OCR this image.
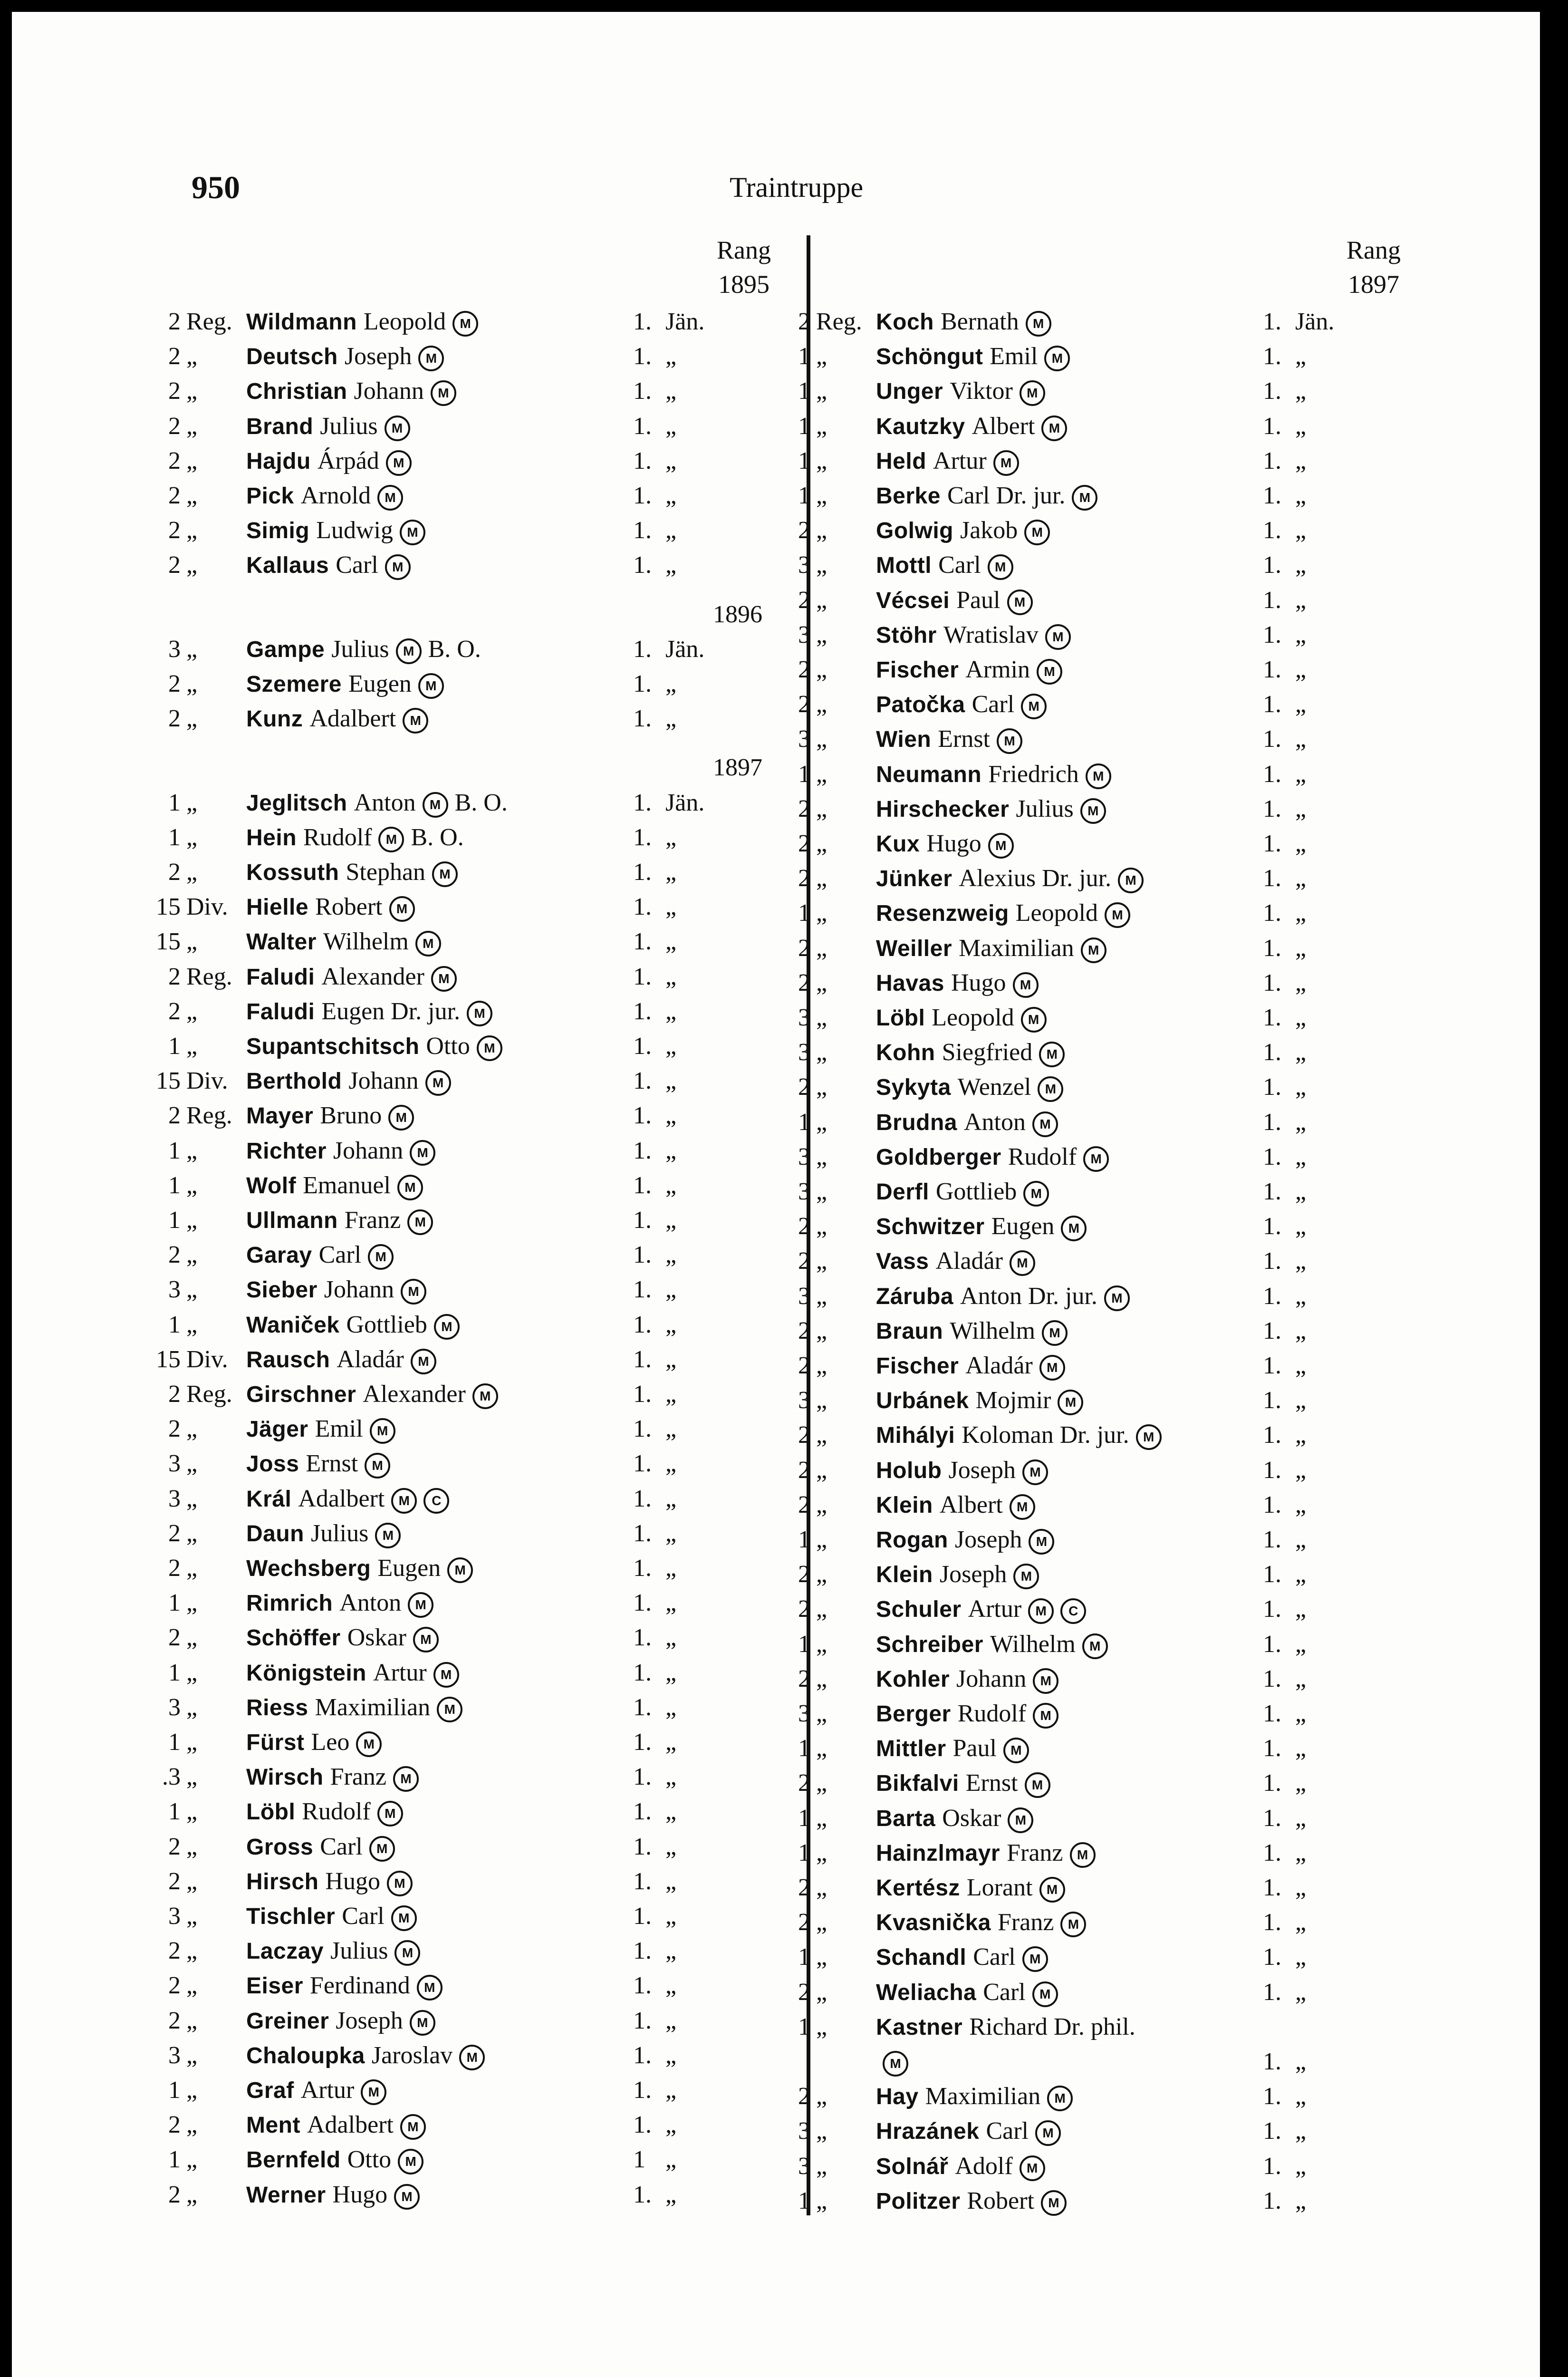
950	Traintruppe
Rang
1895
Rang
1897
2 Reg. Wildmann Leopold M	1. Jän.
2 „ Deutsch Joseph M	1. „
2 „ Christian Johann M	1. „
2 „ Brand Julius M	1. „
2 „ Hajdu Árpád M	1. „
2 „ Pick Arnold M	1. „
2 „ Simig Ludwig M	1. „
2 „ Kallaus Carl M	1. „
1896
3 „ Gampe Julius M B. O.	1. Jän.
2 „ Szemere Eugen M	1. „
2 „ Kunz Adalbert M	1. „
1897
1 „ Jeglitsch Anton M B. O.	1. Jän.
1 „ Hein Rudolf M B. O.	1. „
2 „ Kossuth Stephan M	1. „
15 Div. Hielle Robert M	1. „
15 „ Walter Wilhelm M	1. „
2 Reg. Faludi Alexander M	1. „
2 „ Faludi Eugen Dr. jur. M	1. „
1 „ Supantschitsch Otto M	1. „
15 Div. Berthold Johann M	1. „
2 Reg. Mayer Bruno M	1. „
1 „ Richter Johann M	1. „
1 „ Wolf Emanuel M	1. „
1 „ Ullmann Franz M	1. „
2 „ Garay Carl M	1. „
3 „ Sieber Johann M	1. „
1 „ Waniček Gottlieb M	1. „
15 Div. Rausch Aladár M	1. „
2 Reg. Girschner Alexander M	1. „
2 „ Jäger Emil M	1. „
3 „ Joss Ernst M	1. „
3 „ Král Adalbert M C	1. „
2 „ Daun Julius M	1. „
2 „ Wechsberg Eugen M	1. „
1 „ Rimrich Anton M	1. „
2 „ Schöffer Oskar M	1. „
1 „ Königstein Artur M	1. „
3 „ Riess Maximilian M	1. „
1 „ Fürst Leo M	1. „
.3 „ Wirsch Franz M	1. „
1 „ Löbl Rudolf M	1. „
2 „ Gross Carl M	1. „
2 „ Hirsch Hugo M	1. „
3 „ Tischler Carl M	1. „
2 „ Laczay Julius M	1. „
2 „ Eiser Ferdinand M	1. „
2 „ Greiner Joseph M	1. „
3 „ Chaloupka Jaroslav M	1. „
1 „ Graf Artur M	1. „
2 „ Ment Adalbert M	1. „
1 „ Bernfeld Otto M	1 „
2 „ Werner Hugo M	1. „
2 Reg. Koch Bernath M	1. Jän.
1 „ Schöngut Emil M	1. „
1 „ Unger Viktor M	1. „
1 „ Kautzky Albert M	1. „
1 „ Held Artur M	1. „
1 „ Berke Carl Dr. jur. M	1. „
2 „ Golwig Jakob M	1. „
3 „ Mottl Carl M	1. „
2 „ Vécsei Paul M	1. „
3 „ Stöhr Wratislav M	1. „
2 „ Fischer Armin M	1. „
2 „ Patočka Carl M	1. „
3 „ Wien Ernst M	1. „
1 „ Neumann Friedrich M	1. „
2 „ Hirschecker Julius M	1. „
2 „ Kux Hugo M	1. „
2 „ Jünker Alexius Dr. jur. M	1. „
1 „ Resenzweig Leopold M	1. „
2 „ Weiller Maximilian M	1. „
2 „ Havas Hugo M	1. „
3 „ Löbl Leopold M	1. „
3 „ Kohn Siegfried M	1. „
2 „ Sykyta Wenzel M	1. „
1 „ Brudna Anton M	1. „
3 „ Goldberger Rudolf M	1. „
3 „ Derfl Gottlieb M	1. „
2 „ Schwitzer Eugen M	1. „
2 „ Vass Aladár M	1. „
3 „ Záruba Anton Dr. jur. M	1. „
2 „ Braun Wilhelm M	1. „
2 „ Fischer Aladár M	1. „
3 „ Urbánek Mojmir M	1. „
2 „ Mihályi Koloman Dr. jur. M	1. „
2 „ Holub Joseph M	1. „
2 „ Klein Albert M	1. „
1 „ Rogan Joseph M	1. „
2 „ Klein Joseph M	1. „
2 „ Schuler Artur M C	1. „
1 „ Schreiber Wilhelm M	1. „
2 „ Kohler Johann M	1. „
3 „ Berger Rudolf M	1. „
1 „ Mittler Paul M	1. „
2 „ Bikfalvi Ernst M	1. „
1 „ Barta Oskar M	1. „
1 „ Hainzlmayr Franz M	1. „
2 „ Kertész Lorant M	1. „
2 „ Kvasnička Franz M	1. „
1 „ Schandl Carl M	1. „
2 „ Weliacha Carl M	1. „
1 „ Kastner Richard Dr. phil.
M	1. „
2 „ Hay Maximilian M	1. „
3 „ Hrazánek Carl M	1. „
3 „ Solnář Adolf M	1. „
1 „ Politzer Robert M	1. „
